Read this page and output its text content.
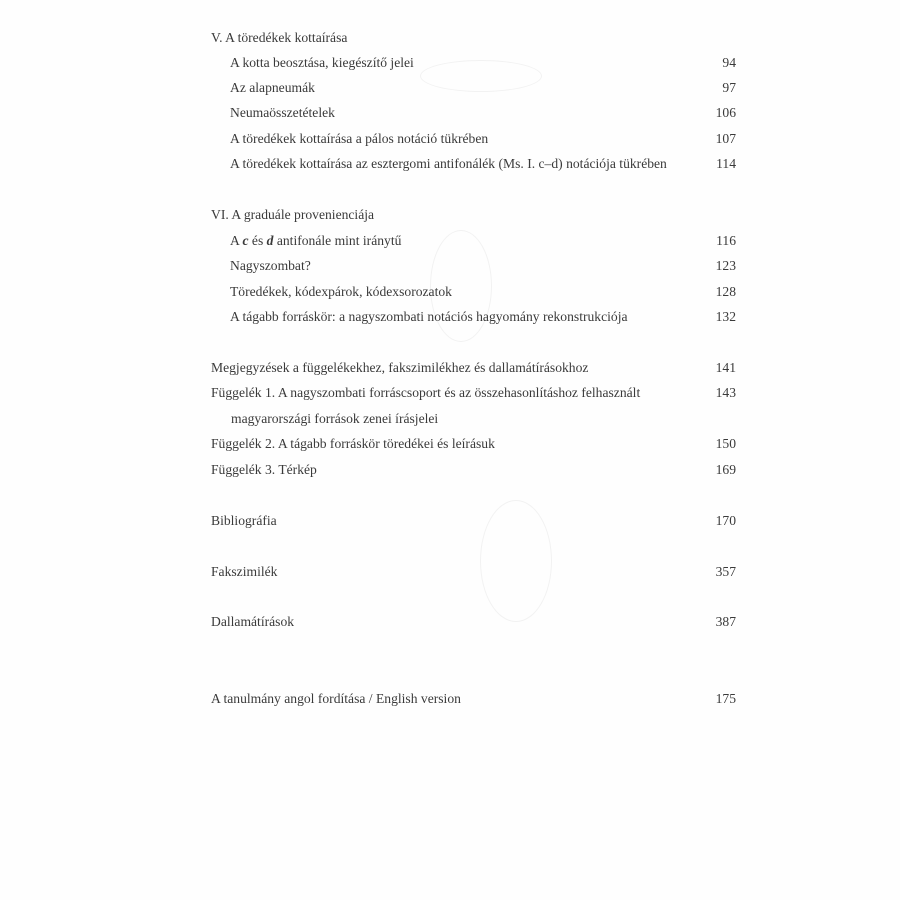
V. A töredékek kottaírása
A kotta beosztása, kiegészítő jelei	94
Az alapneumák	97
Neumaösszetételek	106
A töredékek kottaírása a pálos notáció tükrében	107
A töredékek kottaírása az esztergomi antifonálék (Ms. I. c–d) notációja tükrében	114
VI. A graduále provenienciája
A c és d antifonále mint iránytű	116
Nagyszombat?	123
Töredékek, kódexpárok, kódexsorozatok	128
A tágabb forráskör: a nagyszombati notációs hagyomány rekonstrukciója	132
Megjegyzések a függelékekhez, fakszimilékhez és dallamátírásokhoz	141
Függelék 1. A nagyszombati forráscsoport és az összehasonlításhoz felhasznált	143
magyarországi források zenei írásjelei
Függelék 2. A tágabb forráskör töredékei és leírásuk	150
Függelék 3. Térkép	169
Bibliográfia	170
Fakszimilék	357
Dallamátírások	387
A tanulmány angol fordítása / English version	175
